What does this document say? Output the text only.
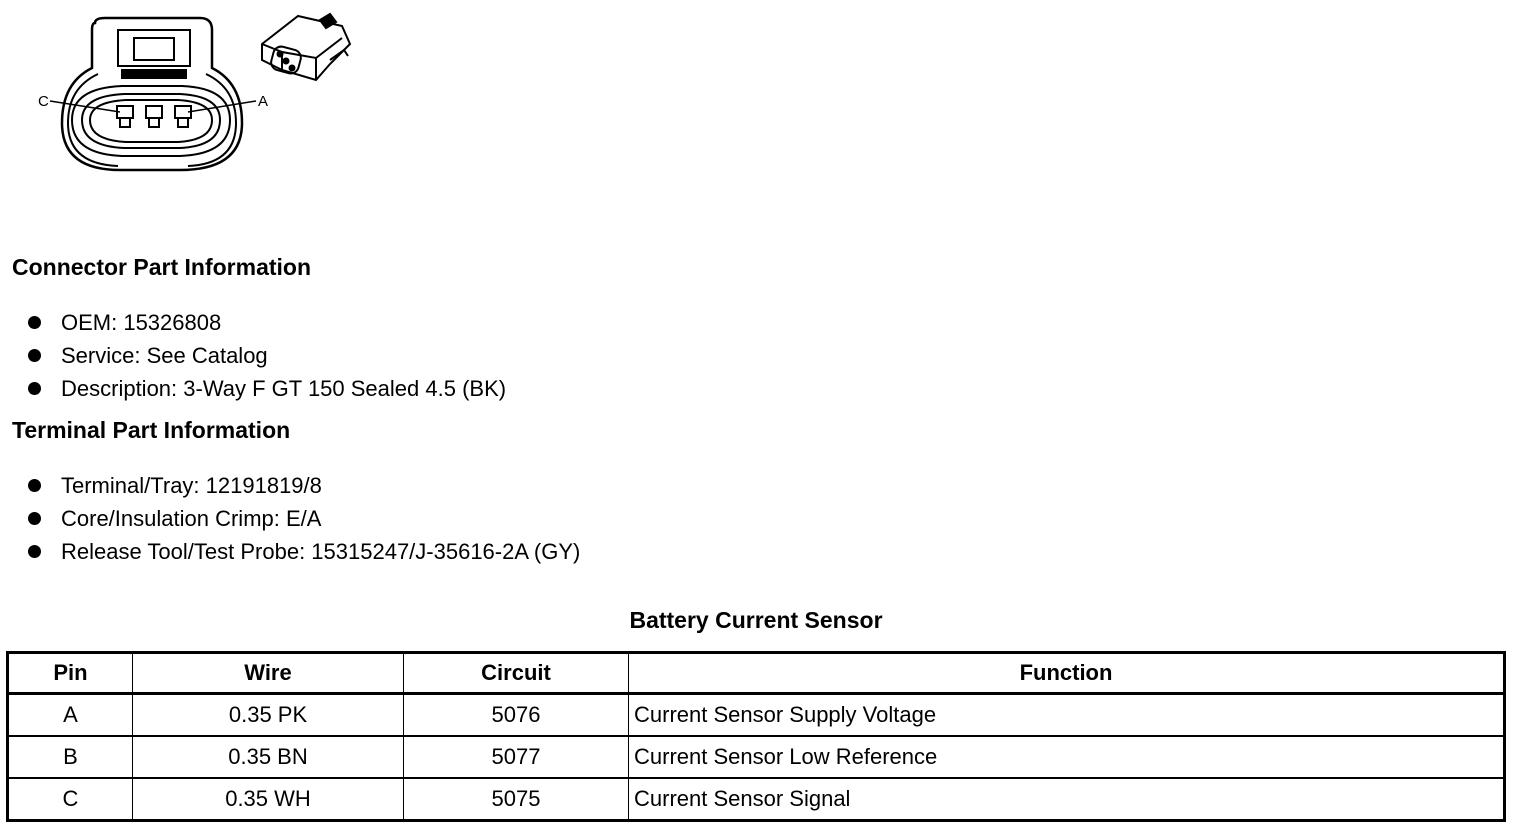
C	A
Connector Part Information
OEM: 15326808
Service: See Catalog
Description: 3-Way F GT 150 Sealed 4.5 (BK)
Terminal Part Information
Terminal/Tray: 12191819/8
Core/Insulation Crimp: E/A
Release Tool/Test Probe: 15315247/J-35616-2A (GY)
Battery Current Sensor
Pin	Wire	Circuit	Function
A	0.35 PK	5076	Current Sensor Supply Voltage
B	0.35 BN	5077	Current Sensor Low Reference
C	0.35 WH	5075	Current Sensor Signal
